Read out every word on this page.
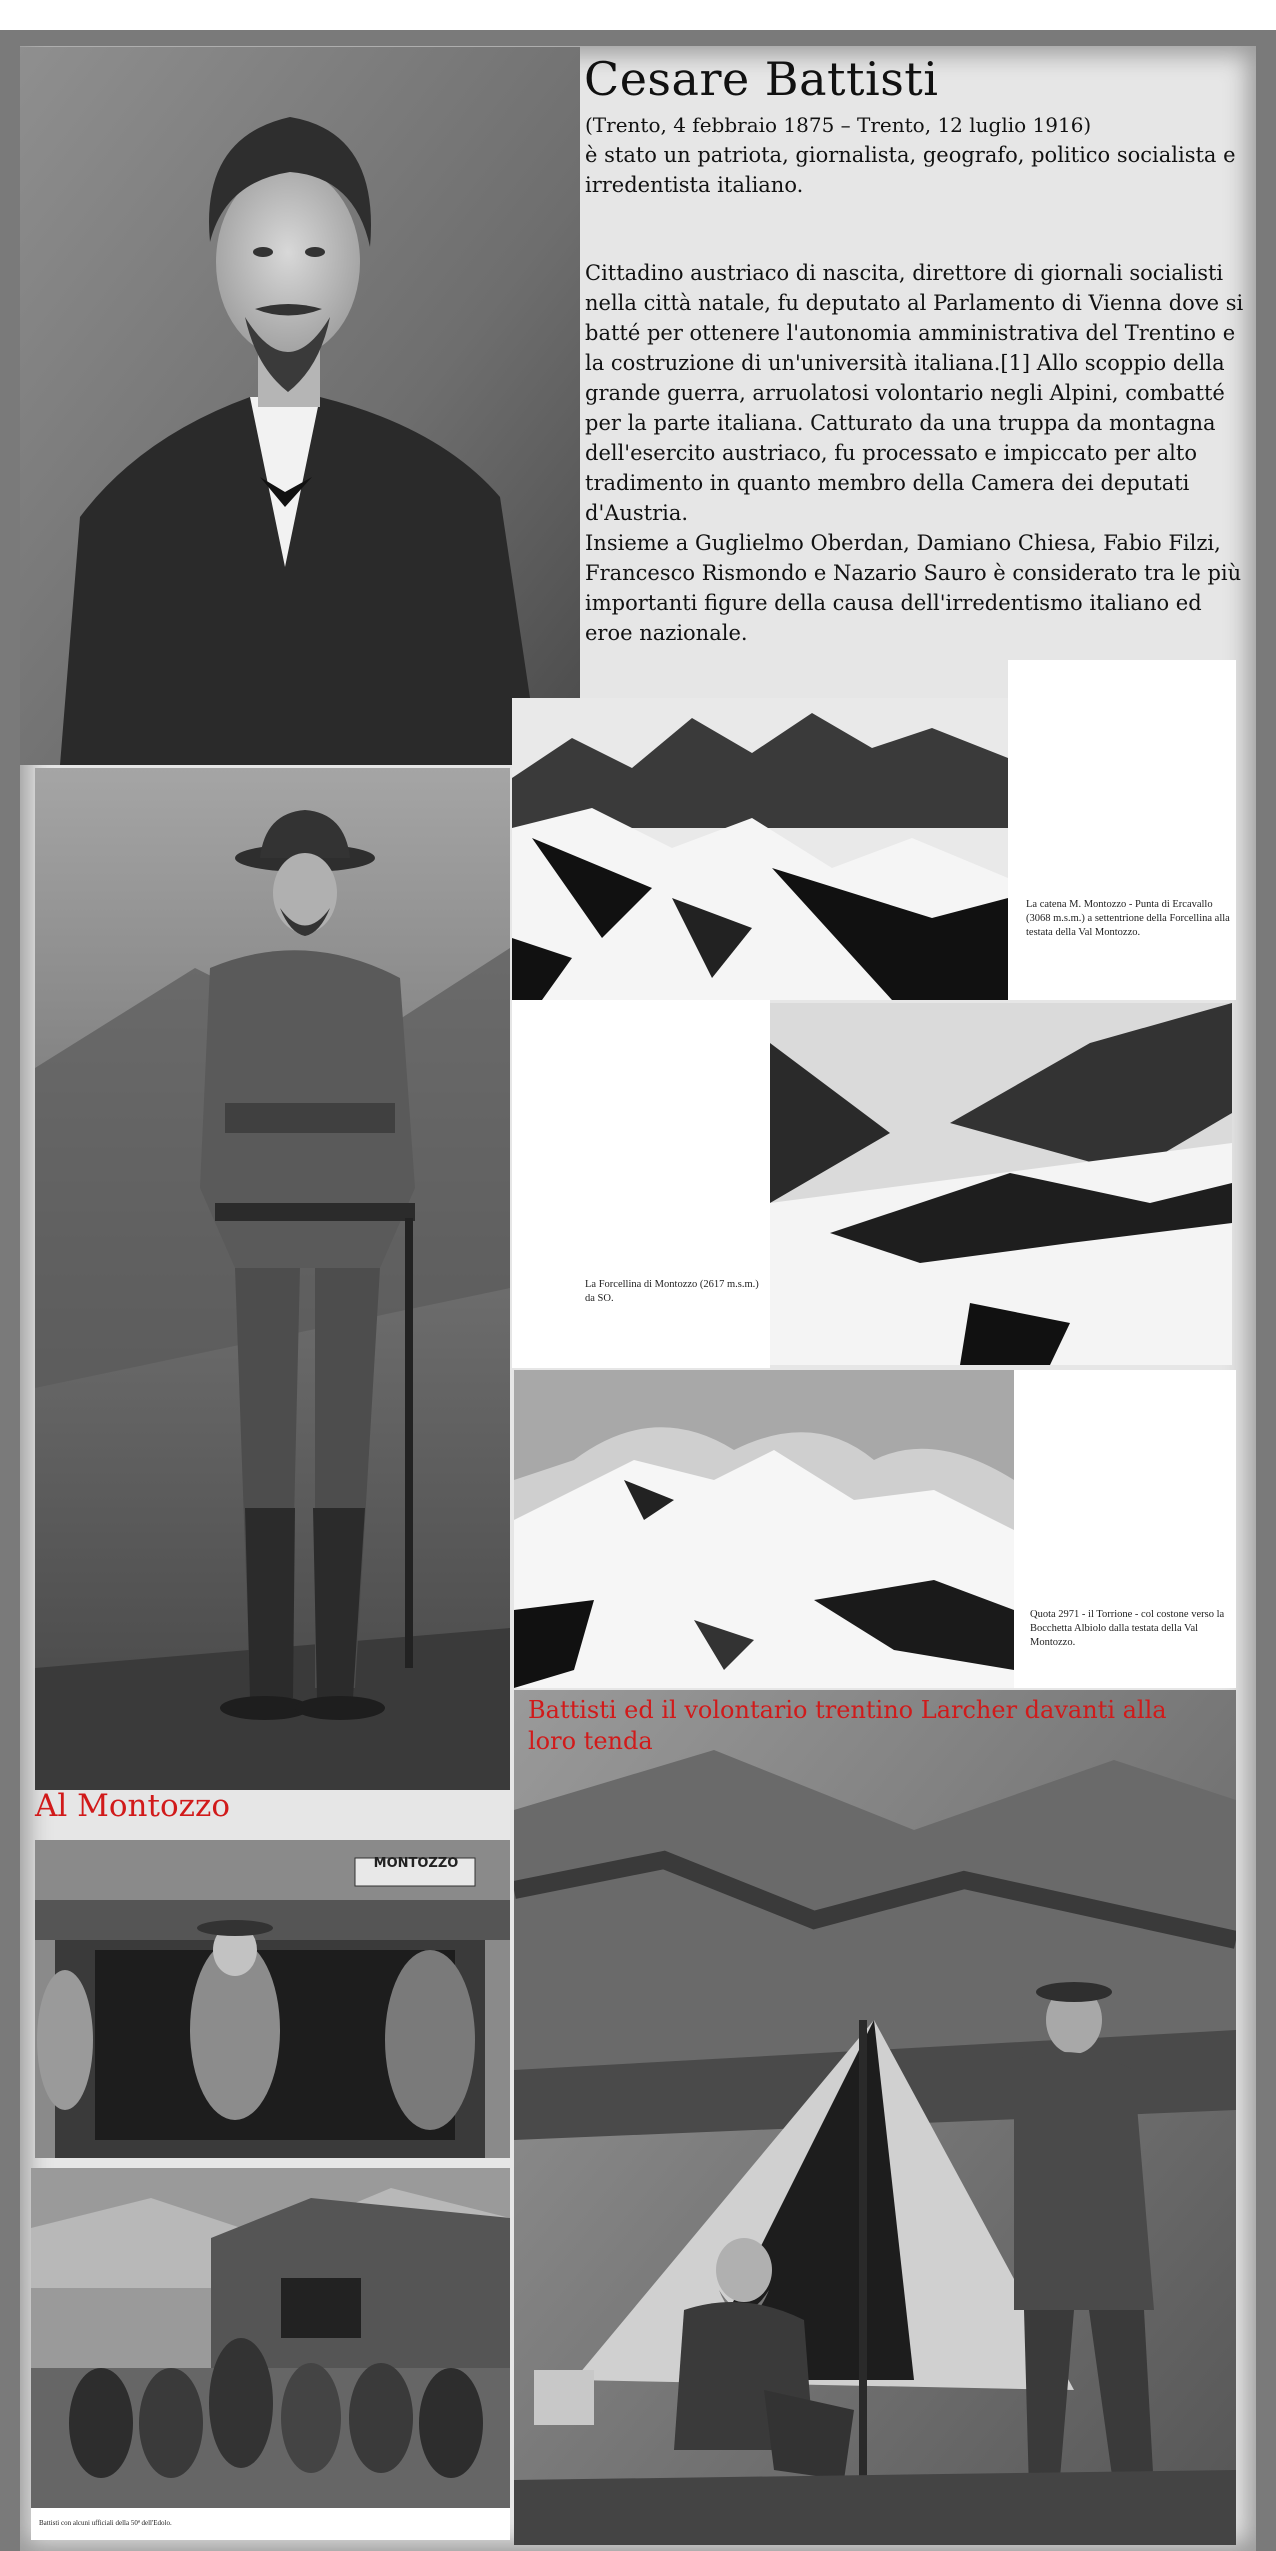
Cesare Battisti
(Trento, 4 febbraio 1875 – Trento, 12 luglio 1916)
è stato un patriota, giornalista, geografo, politico socialista e irredentista italiano.
Cittadino austriaco di nascita, direttore di giornali socialisti nella città natale, fu deputato al Parlamento di Vienna dove si batté per ottenere l'autonomia amministrativa del Trentino e la costruzione di un'università italiana.[1] Allo scoppio della grande guerra, arruolatosi volontario negli Alpini, combatté per la parte italiana. Catturato da una truppa da montagna dell'esercito austriaco, fu processato e impiccato per alto tradimento in quanto membro della Camera dei deputati d'Austria.
Insieme a Guglielmo Oberdan, Damiano Chiesa, Fabio Filzi, Francesco Rismondo e Nazario Sauro è considerato tra le più importanti figure della causa dell'irredentismo italiano ed eroe nazionale.
La catena M. Montozzo - Punta di Ercavallo (3068 m.s.m.) a settentrione della Forcellina alla testata della Val Montozzo.
La Forcellina di Montozzo (2617 m.s.m.) da SO.
Quota 2971 - il Torrione - col costone verso la Bocchetta Albiolo dalla testata della Val Montozzo.
Al Montozzo
MONTOZZO
Battisti con alcuni ufficiali della 50ª dell'Edolo.
Battisti ed il volontario trentino Larcher davanti alla loro tenda
